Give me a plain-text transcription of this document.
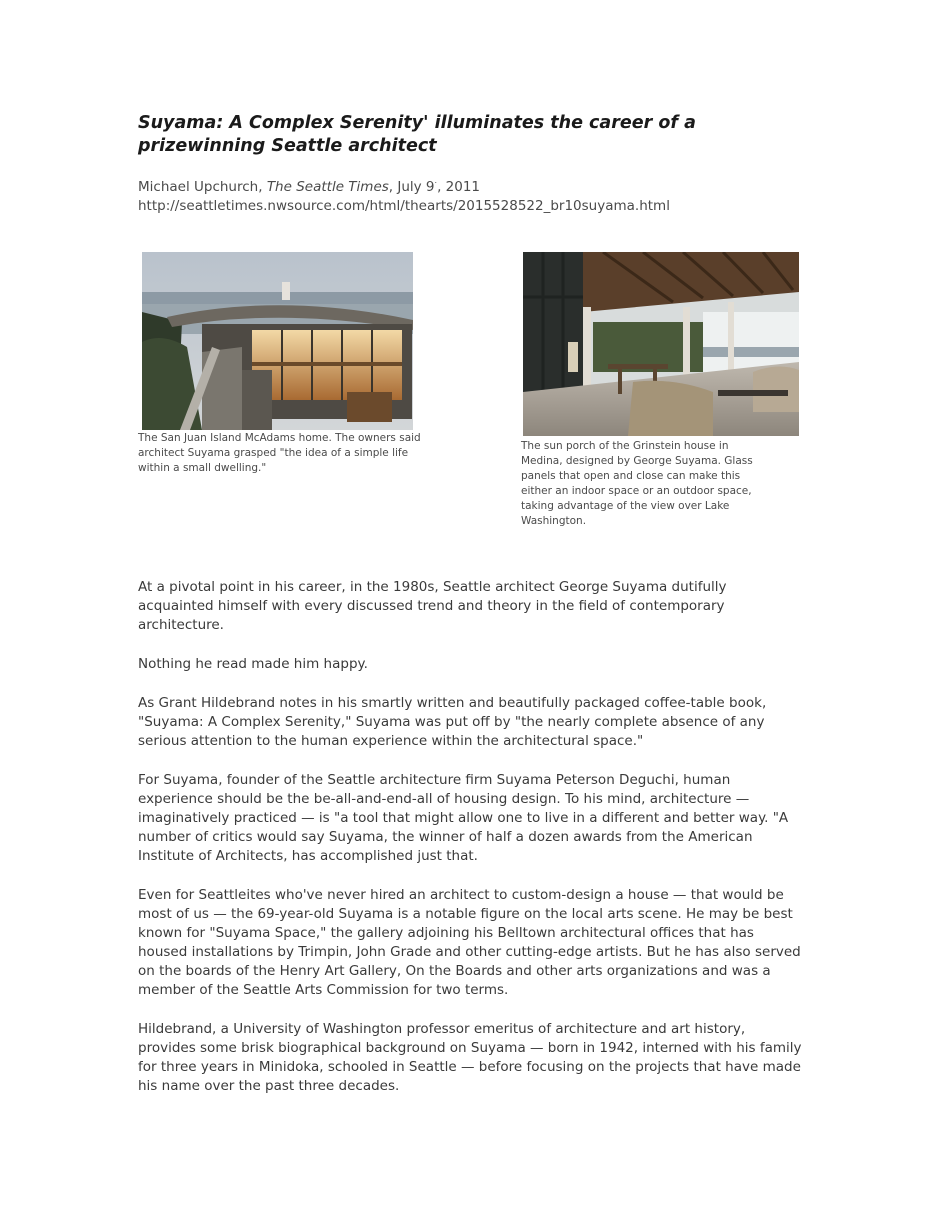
Suyama: A Complex Serenity' illuminates the career of a prizewinning Seattle architect
Michael Upchurch, The Seattle Times, July 9·, 2011
http://seattletimes.nwsource.com/html/thearts/2015528522_br10suyama.html

The San Juan Island McAdams home. The owners said architect Suyama grasped "the idea of a simple life within a small dwelling."

The sun porch of the Grinstein house in Medina, designed by George Suyama. Glass panels that open and close can make this either an indoor space or an outdoor space, taking advantage of the view over Lake Washington.

At a pivotal point in his career, in the 1980s, Seattle architect George Suyama dutifully acquainted himself with every discussed trend and theory in the field of contemporary architecture.

Nothing he read made him happy.

As Grant Hildebrand notes in his smartly written and beautifully packaged coffee-table book, "Suyama: A Complex Serenity," Suyama was put off by "the nearly complete absence of any serious attention to the human experience within the architectural space."

For Suyama, founder of the Seattle architecture firm Suyama Peterson Deguchi, human experience should be the be-all-and-end-all of housing design. To his mind, architecture — imaginatively practiced — is "a tool that might allow one to live in a different and better way. "A number of critics would say Suyama, the winner of half a dozen awards from the American Institute of Architects, has accomplished just that.

Even for Seattleites who've never hired an architect to custom-design a house — that would be most of us — the 69-year-old Suyama is a notable figure on the local arts scene. He may be best known for "Suyama Space," the gallery adjoining his Belltown architectural offices that has housed installations by Trimpin, John Grade and other cutting-edge artists. But he has also served on the boards of the Henry Art Gallery, On the Boards and other arts organizations and was a member of the Seattle Arts Commission for two terms.

Hildebrand, a University of Washington professor emeritus of architecture and art history, provides some brisk biographical background on Suyama — born in 1942, interned with his family for three years in Minidoka, schooled in Seattle — before focusing on the projects that have made his name over the past three decades.
